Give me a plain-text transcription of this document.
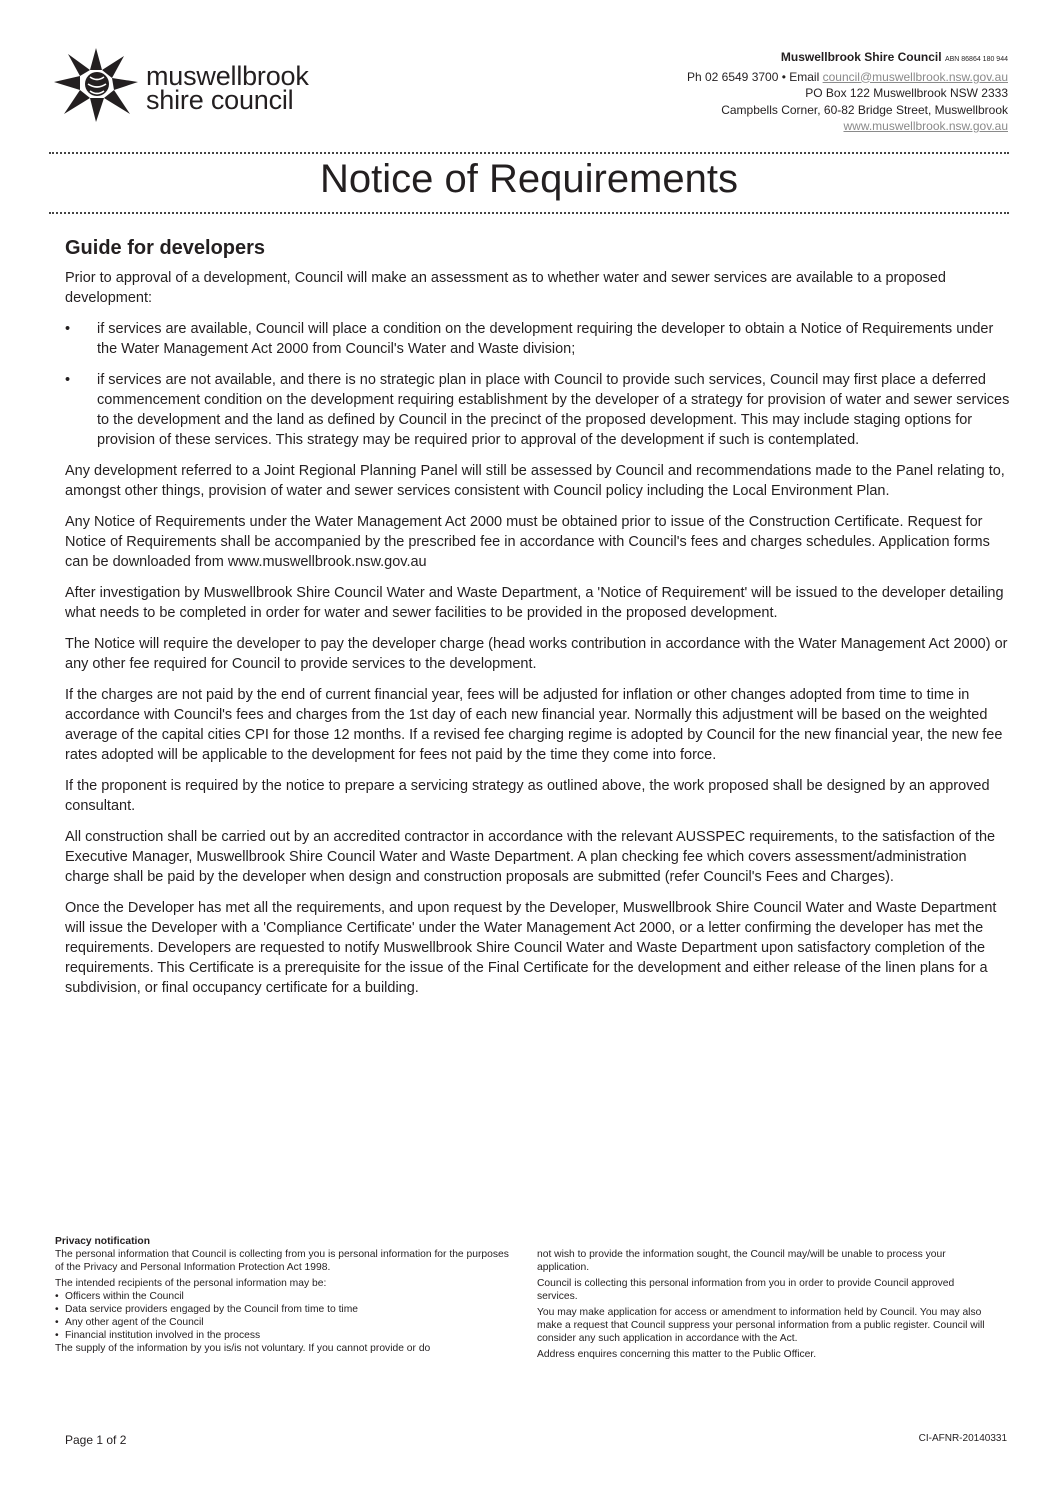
muswellbrook
shire council
Muswellbrook Shire Council ABN 86864 180 944
Ph 02 6549 3700 • Email council@muswellbrook.nsw.gov.au
PO Box 122 Muswellbrook NSW 2333
Campbells Corner, 60-82 Bridge Street, Muswellbrook
www.muswellbrook.nsw.gov.au
Notice of Requirements
Guide for developers

Prior to approval of a development, Council will make an assessment as to whether water and sewer services are available to a proposed development:

• if services are available, Council will place a condition on the development requiring the developer to obtain a Notice of Requirements under the Water Management Act 2000 from Council's Water and Waste division;
• if services are not available, and there is no strategic plan in place with Council to provide such services, Council may first place a deferred commencement condition on the development requiring establishment by the developer of a strategy for provision of water and sewer services to the development and the land as defined by Council in the precinct of the proposed development. This may include staging options for provision of these services. This strategy may be required prior to approval of the development if such is contemplated.

Any development referred to a Joint Regional Planning Panel will still be assessed by Council and recommendations made to the Panel relating to, amongst other things, provision of water and sewer services consistent with Council policy including the Local Environment Plan.

Any Notice of Requirements under the Water Management Act 2000 must be obtained prior to issue of the Construction Certificate. Request for Notice of Requirements shall be accompanied by the prescribed fee in accordance with Council's fees and charges schedules. Application forms can be downloaded from www.muswellbrook.nsw.gov.au

After investigation by Muswellbrook Shire Council Water and Waste Department, a 'Notice of Requirement' will be issued to the developer detailing what needs to be completed in order for water and sewer facilities to be provided in the proposed development.

The Notice will require the developer to pay the developer charge (head works contribution in accordance with the Water Management Act 2000) or any other fee required for Council to provide services to the development.

If the charges are not paid by the end of current financial year, fees will be adjusted for inflation or other changes adopted from time to time in accordance with Council's fees and charges from the 1st day of each new financial year. Normally this adjustment will be based on the weighted average of the capital cities CPI for those 12 months. If a revised fee charging regime is adopted by Council for the new financial year, the new fee rates adopted will be applicable to the development for fees not paid by the time they come into force.

If the proponent is required by the notice to prepare a servicing strategy as outlined above, the work proposed shall be designed by an approved consultant.

All construction shall be carried out by an accredited contractor in accordance with the relevant AUSSPEC requirements, to the satisfaction of the Executive Manager, Muswellbrook Shire Council Water and Waste Department. A plan checking fee which covers assessment/administration charge shall be paid by the developer when design and construction proposals are submitted (refer Council's Fees and Charges).

Once the Developer has met all the requirements, and upon request by the Developer, Muswellbrook Shire Council Water and Waste Department will issue the Developer with a 'Compliance Certificate' under the Water Management Act 2000, or a letter confirming the developer has met the requirements. Developers are requested to notify Muswellbrook Shire Council Water and Waste Department upon satisfactory completion of the requirements. This Certificate is a prerequisite for the issue of the Final Certificate for the development and either release of the linen plans for a subdivision, or final occupancy certificate for a building.

Privacy notification

The personal information that Council is collecting from you is personal information for the purposes of the Privacy and Personal Information Protection Act 1998.

The intended recipients of the personal information may be:
• Officers within the Council
• Data service providers engaged by the Council from time to time
• Any other agent of the Council
• Financial institution involved in the process
The supply of the information by you is/is not voluntary. If you cannot provide or do

not wish to provide the information sought, the Council may/will be unable to process your application.

Council is collecting this personal information from you in order to provide Council approved services.

You may make application for access or amendment to information held by Council. You may also make a request that Council suppress your personal information from a public register. Council will consider any such application in accordance with the Act.

Address enquires concerning this matter to the Public Officer.

Page 1 of 2	CI-AFNR-20140331
